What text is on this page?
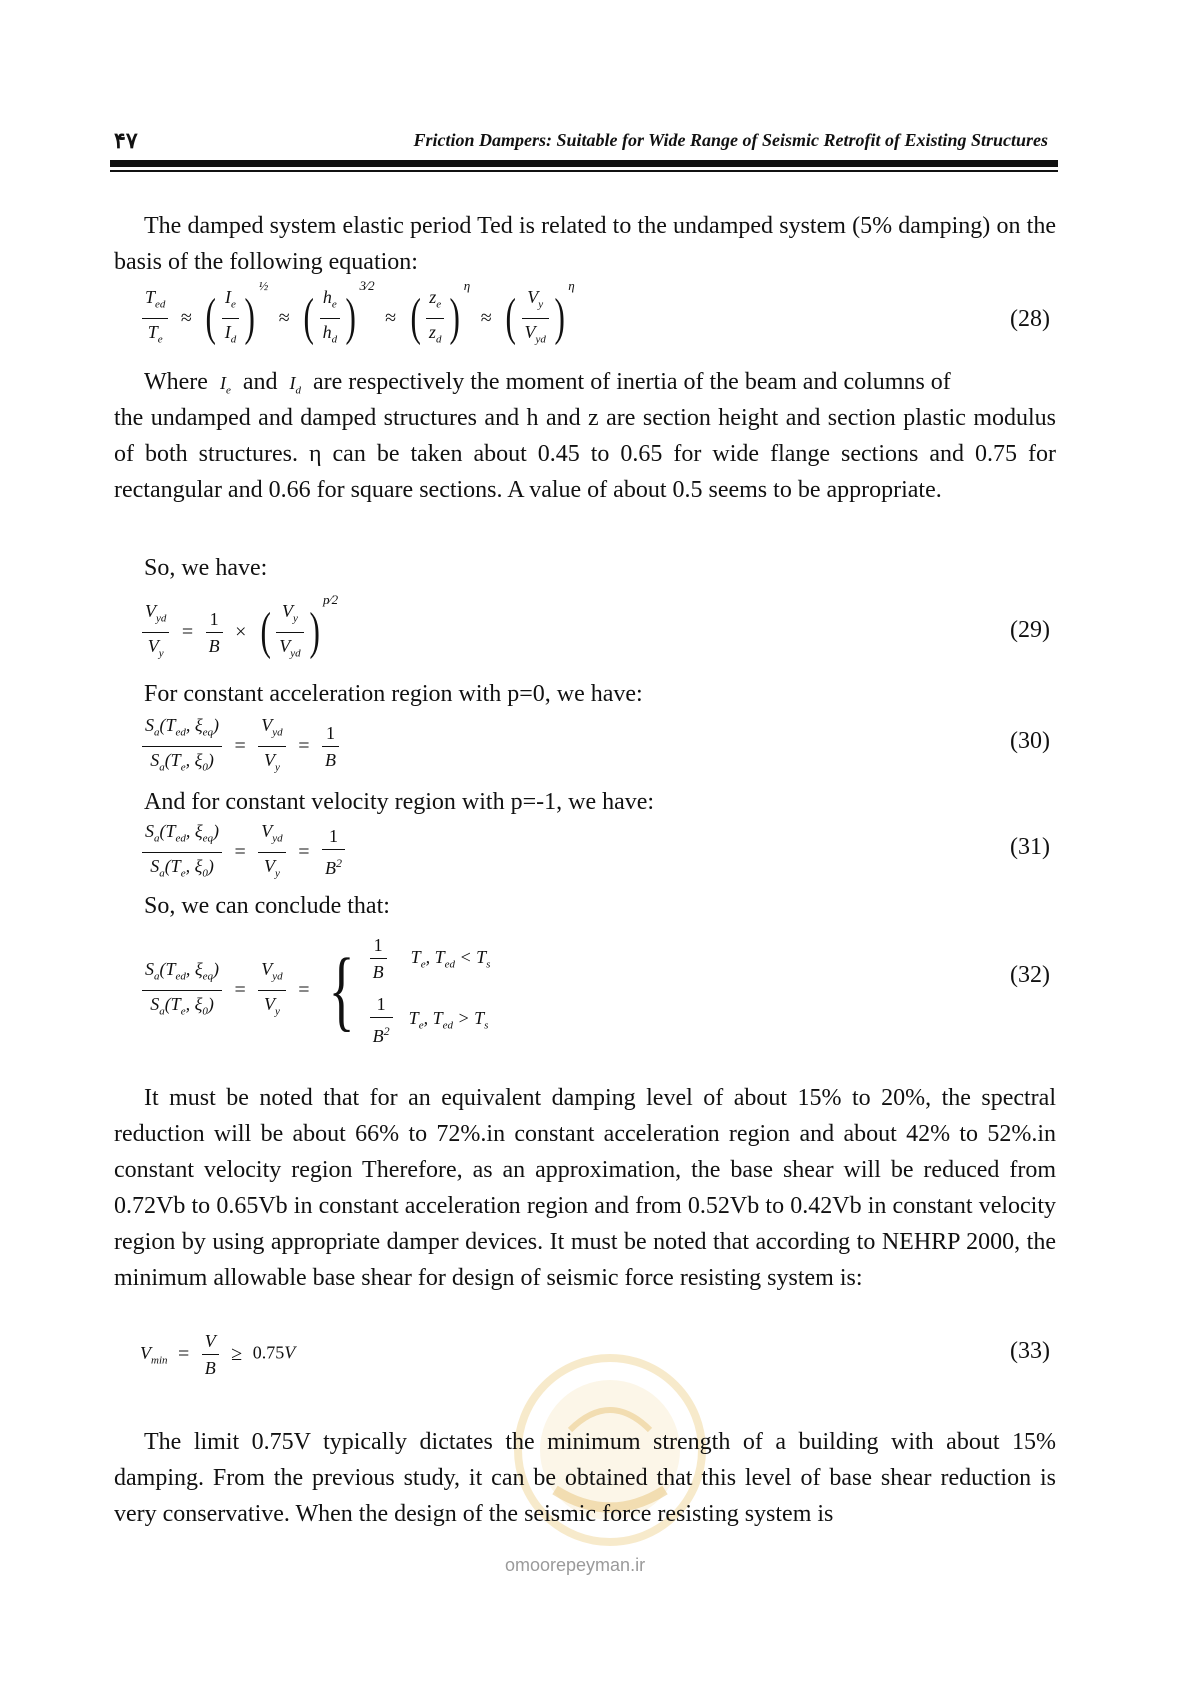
۴۷	Friction Dampers: Suitable for Wide Range of Seismic Retrofit of Existing Structures

The damped system elastic period Ted is related to the undamped system (5% damping) on the basis of the following equation:

$\frac{T_{ed}}{T_e}$ ≈ ( $\frac{I_e}{I_d}$ )½ ≈ ( $\frac{h_e}{h_d}$ )3⁄2 ≈ ( $\frac{z_e}{z_d} )\eta$ ≈ ( $\frac{V_y}{V_{yd}} )\eta$
(28)
Where $I_e$ and $I_d$ are respectively the moment of inertia of the beam and columns of

the undamped and damped structures and h and z are section height and section plastic modulus of both structures. η can be taken about 0.45 to 0.65 for wide flange sections and 0.75 for rectangular and 0.66 for square sections. A value of about 0.5 seems to be appropriate.

So, we have:
$\frac{V_{yd}}{V_y} = \frac{1}{B}$ × ( $\frac{V_y}{V_{yd}}$ )p⁄2
(29)
For constant acceleration region with p=0, we have:
$\frac{S_a(T_{ed}, \xi_{eq})}{S_a(T_e, \xi_0)} = \frac{V_{yd}}{V_y} = \frac{1}{B}$	(30)
And for constant velocity region with p=-1, we have:
$\frac{S_a(T_{ed}, \xi_{eq})}{S_a(T_e, \xi_0)} = \frac{V_{yd}}{V_y} = \frac{1}{B^2}$	(31)
So, we can conclude that:
$\frac{S_a(T_{ed}, \xi_{eq})}{S_a(T_e, \xi_0)} = \frac{V_{yd}}{V_y}$ = { $\frac{1}{B} T_e$, $T_{ed} < T_s$
$\frac{1}{B^2} T_e$, $T_{ed} > T_s$
(32)

It must be noted that for an equivalent damping level of about 15% to 20%, the spectral reduction will be about 66% to 72%.in constant acceleration region and about 42% to 52%.in constant velocity region Therefore, as an approximation, the base shear will be reduced from 0.72Vb to 0.65Vb in constant acceleration region and from 0.52Vb to 0.42Vb in constant velocity region by using appropriate damper devices. It must be noted that according to NEHRP 2000, the minimum allowable base shear for design of seismic force resisting system is:

$V_{min} = \frac{V}{B} \ge 0.75V$	(33)
omoorepeyman.ir

The limit 0.75V typically dictates the minimum strength of a building with about 15% damping. From the previous study, it can be obtained that this level of base shear reduction is very conservative. When the design of the seismic force resisting system is
